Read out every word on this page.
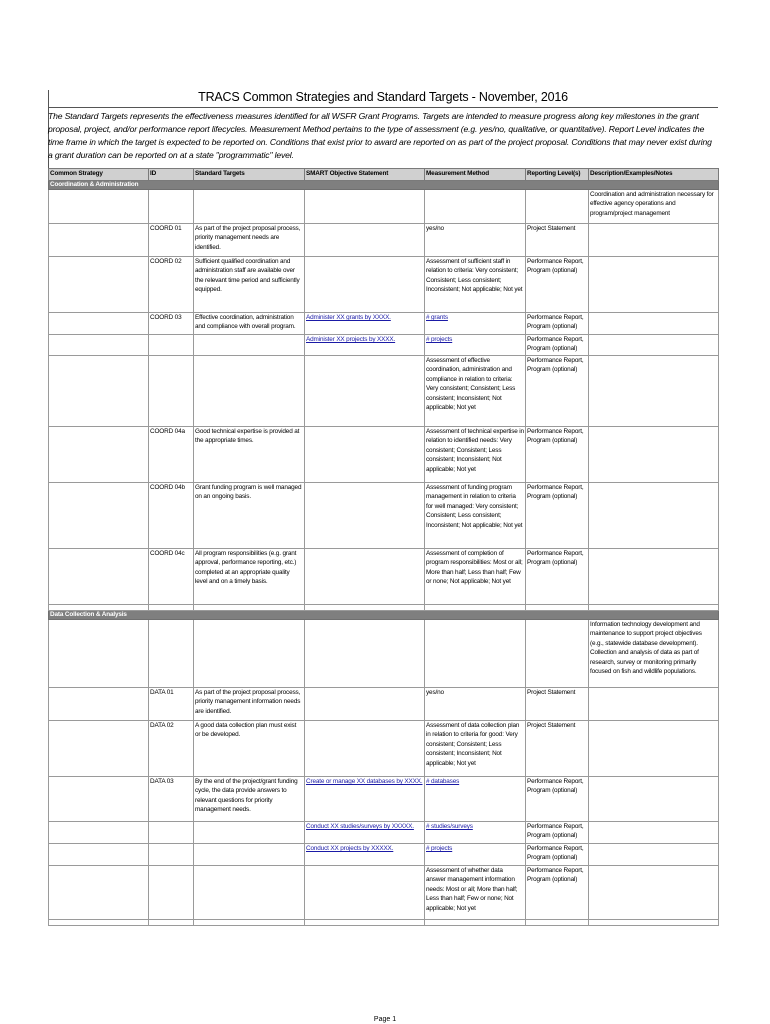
TRACS Common Strategies and Standard Targets - November, 2016
The Standard Targets represents the effectiveness measures identified for all WSFR Grant Programs. Targets are intended to measure progress along key milestones in the grant proposal, project, and/or performance report lifecycles. Measurement Method pertains to the type of assessment (e.g. yes/no, qualitative, or quantitative). Report Level indicates the time frame in which the target is expected to be reported on. Conditions that exist prior to award are reported on as part of the project proposal. Conditions that may never exist during a grant duration can be reported on at a state "programmatic" level.
Common Strategy	ID	Standard Targets	SMART Objective Statement	Measurement Method	Reporting Level(s)	Description/Examples/Notes
Coordination & Administration						
						Coordination and administration necessary for effective agency operations and program/project management
	COORD 01	As part of the project proposal process, priority management needs are identified.		yes/no	Project Statement	
	COORD 02	Sufficient qualified coordination and administration staff are available over the relevant time period and sufficiently equipped.		Assessment of sufficient staff in relation to criteria: Very consistent; Consistent; Less consistent; Inconsistent; Not applicable; Not yet	Performance Report, Program (optional)	
	COORD 03	Effective coordination, administration and compliance with overall program.	Administer XX grants by XXXX.	# grants	Performance Report, Program (optional)	
			Administer XX projects by XXXX.	# projects	Performance Report, Program (optional)	
				Assessment of effective coordination, administration and compliance in relation to criteria: Very consistent; Consistent; Less consistent; Inconsistent; Not applicable; Not yet	Performance Report, Program (optional)	
	COORD 04a	Good technical expertise is provided at the appropriate times.		Assessment of technical expertise in relation to identified needs: Very consistent; Consistent; Less consistent; Inconsistent; Not applicable; Not yet	Performance Report, Program (optional)	
	COORD 04b	Grant funding program is well managed on an ongoing basis.		Assessment of funding program management in relation to criteria for well managed: Very consistent; Consistent; Less consistent; Inconsistent; Not applicable; Not yet	Performance Report, Program (optional)	
	COORD 04c	All program responsibilities (e.g. grant approval, performance reporting, etc.) completed at an appropriate quality level and on a timely basis.		Assessment of completion of program responsibilities: Most or all; More than half; Less than half; Few or none; Not applicable; Not yet	Performance Report, Program (optional)	

Data Collection & Analysis						
						Information technology development and maintenance to support project objectives (e.g., statewide database development). Collection and analysis of data as part of research, survey or monitoring primarily focused on fish and wildlife populations.
	DATA 01	As part of the project proposal process, priority management information needs are identified.		yes/no	Project Statement	
	DATA 02	A good data collection plan must exist or be developed.		Assessment of data collection plan in relation to criteria for good: Very consistent; Consistent; Less consistent; Inconsistent; Not applicable; Not yet	Project Statement	
	DATA 03	By the end of the project/grant funding cycle, the data provide answers to relevant questions for priority management needs.	Create or manage XX databases by XXXX.	# databases	Performance Report, Program (optional)	
			Conduct XX studies/surveys by XXXXX.	# studies/surveys	Performance Report, Program (optional)	
			Conduct XX projects by XXXXX.	# projects	Performance Report, Program (optional)	
				Assessment of whether data answer management information needs: Most or all; More than half; Less than half; Few or none; Not applicable; Not yet	Performance Report, Program (optional)	

Page 1
